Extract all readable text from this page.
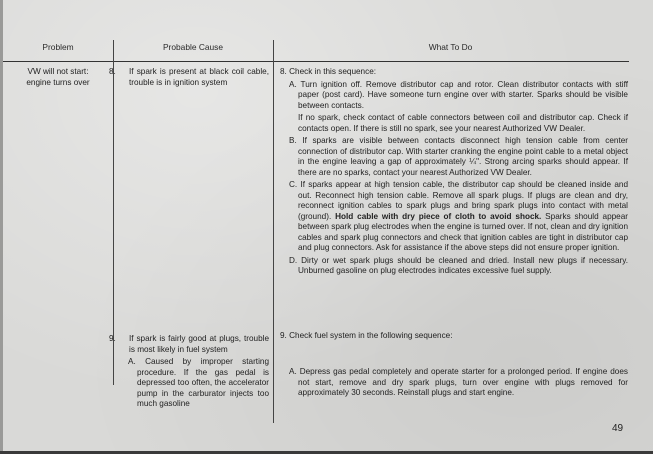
Problem	Probable Cause	What To Do
VW will not start:
engine turns over
8. If spark is present at black coil cable, trouble is in ignition system
9. If spark is fairly good at plugs, trouble is most likely in fuel system
A. Caused by improper starting procedure. If the gas pedal is depressed too often, the accelerator pump in the carburator injects too much gasoline
8. Check in this sequence:
A. Turn ignition off. Remove distributor cap and rotor. Clean distributor contacts with stiff paper (post card). Have someone turn engine over with starter. Sparks should be visible between contacts.
If no spark, check contact of cable connectors between coil and distributor cap. Check if contacts open. If there is still no spark, see your nearest Authorized VW Dealer.
B. If sparks are visible between contacts disconnect high tension cable from center connection of distributor cap. With starter cranking the engine point cable to a metal object in the engine leaving a gap of approximately ¼". Strong arcing sparks should appear. If there are no sparks, contact your nearest Authorized VW Dealer.
C. If sparks appear at high tension cable, the distributor cap should be cleaned inside and out. Reconnect high tension cable. Remove all spark plugs. If plugs are clean and dry, reconnect ignition cables to spark plugs and bring spark plugs into contact with metal (ground). Hold cable with dry piece of cloth to avoid shock. Sparks should appear between spark plug electrodes when the engine is turned over. If not, clean and dry ignition cables and spark plug connectors and check that ignition cables are tight in distributor cap and plug connectors. Ask for assistance if the above steps did not ensure proper ignition.
D. Dirty or wet spark plugs should be cleaned and dried. Install new plugs if necessary. Unburned gasoline on plug electrodes indicates excessive fuel supply.
9. Check fuel system in the following sequence:
A. Depress gas pedal completely and operate starter for a prolonged period. If engine does not start, remove and dry spark plugs, turn over engine with plugs removed for approximately 30 seconds. Reinstall plugs and start engine.
49
